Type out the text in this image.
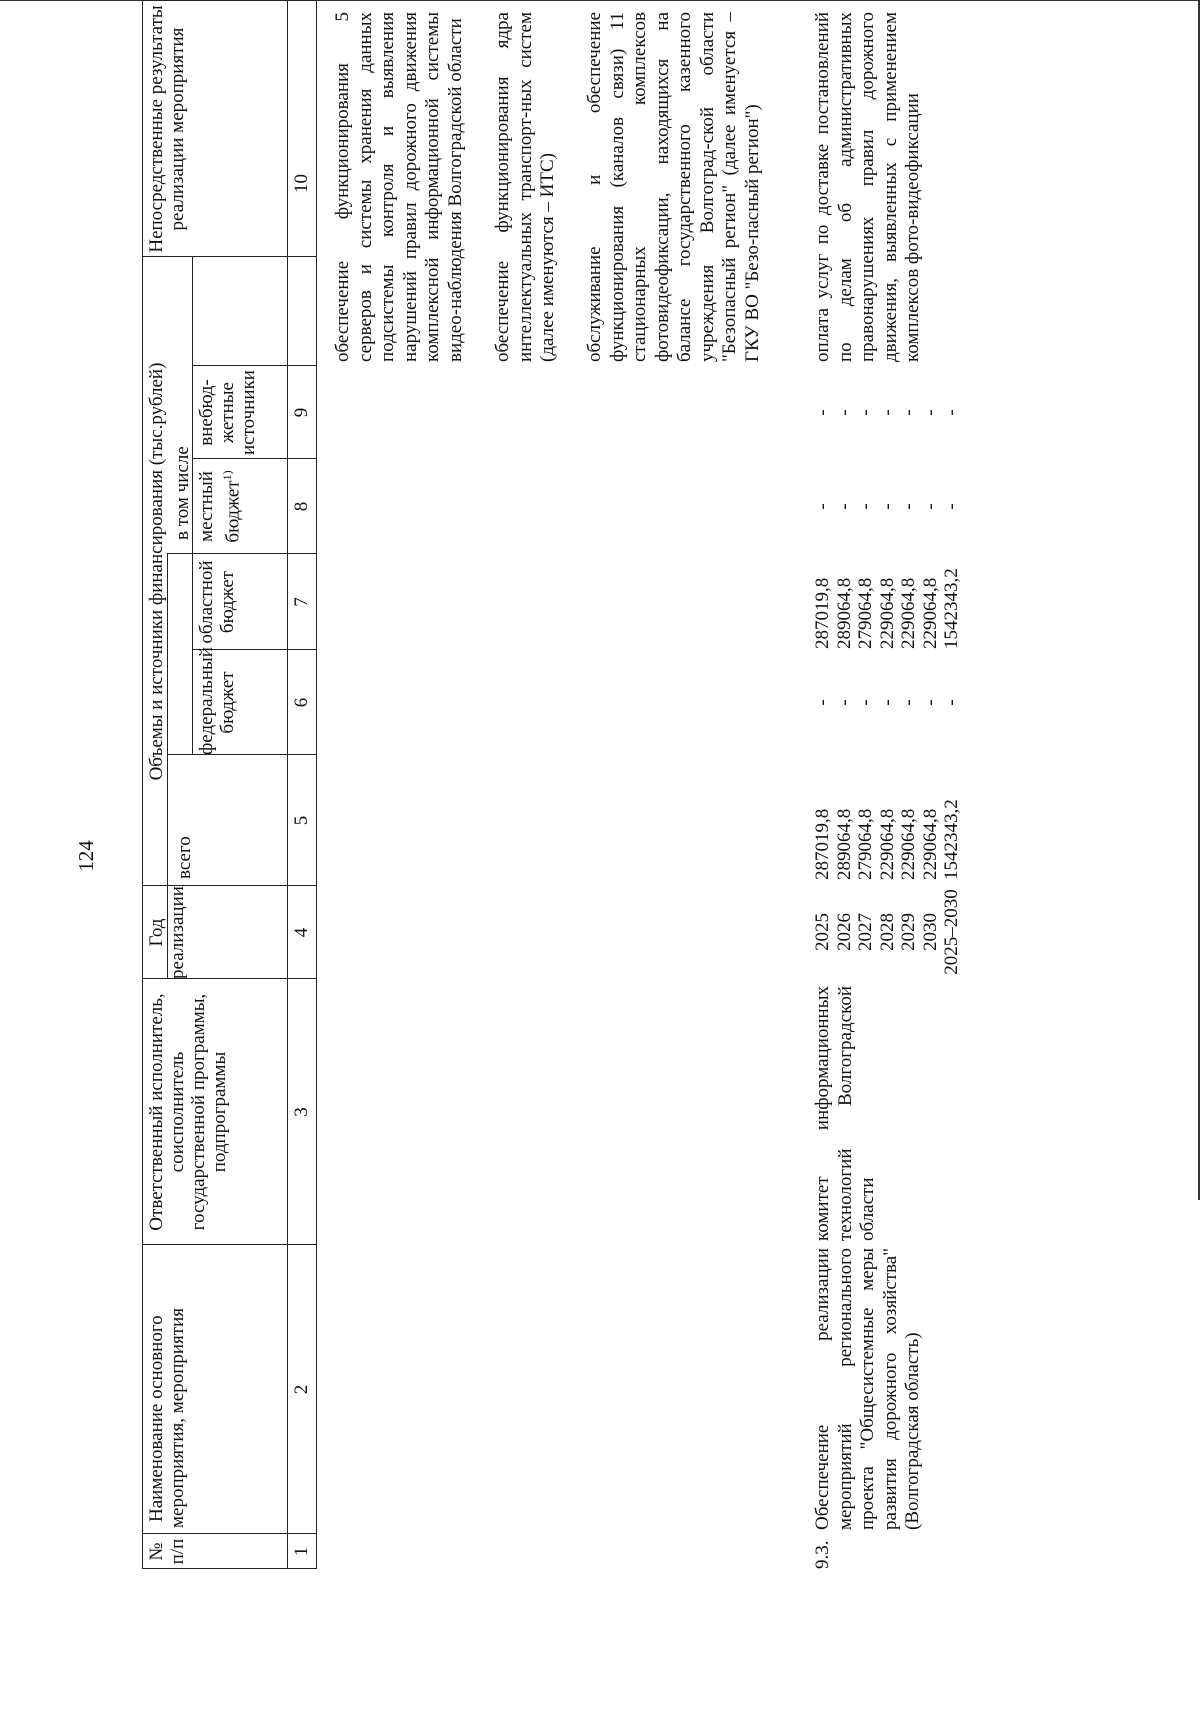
124
№ п/п
Наименование основного мероприятия, мероприятия
Ответственный исполнитель, соисполнитель государственной программы, подпрограммы
Год реализации
Объемы и источники финансирования (тыс.рублей)
всего
в том числе
федеральный бюджет
областной бюджет
местный бюджет$^{1)}$
внебюд-жетные источники
Непосредственные результаты реализации мероприятия
1
2
3
4
5
6
7
8
9
10 обеспечение функционирования 5 серверов и системы хранения данных подсистемы контроля и выявления нарушений правил дорожного движения комплексной информационной системы видео-наблюдения Волгоградской области обеспечение функционирования ядра интеллектуальных транспорт-ных систем (далее именуются – ИТС) обслуживание и обеспечение функционирования (каналов связи) 11 стационарных комплексов фотовидеофиксации, находящихся на балансе государственного казенного учреждения Волгоград-ской области "Безопасный регион" (далее именуется – ГКУ ВО "Безо-пасный регион")
9.3.
Обеспечение реализации мероприятий регионального проекта "Общесистемные меры развития дорожного хозяйства" (Волгоградская область)
комитет информационных технологий Волгоградской области
2025 2026 2027 2028 2029 2030 2025–2030
287019,8 289064,8 279064,8 229064,8 229064,8 229064,8 1542343,2
- - - - - - -
287019,8 289064,8 279064,8 229064,8 229064,8 229064,8 1542343,2
- - - - - - -
- - - - - - -
оплата услуг по доставке постановлений по делам об административных правонарушениях правил дорожного движения, выявленных с применением комплексов фото-видеофиксации
